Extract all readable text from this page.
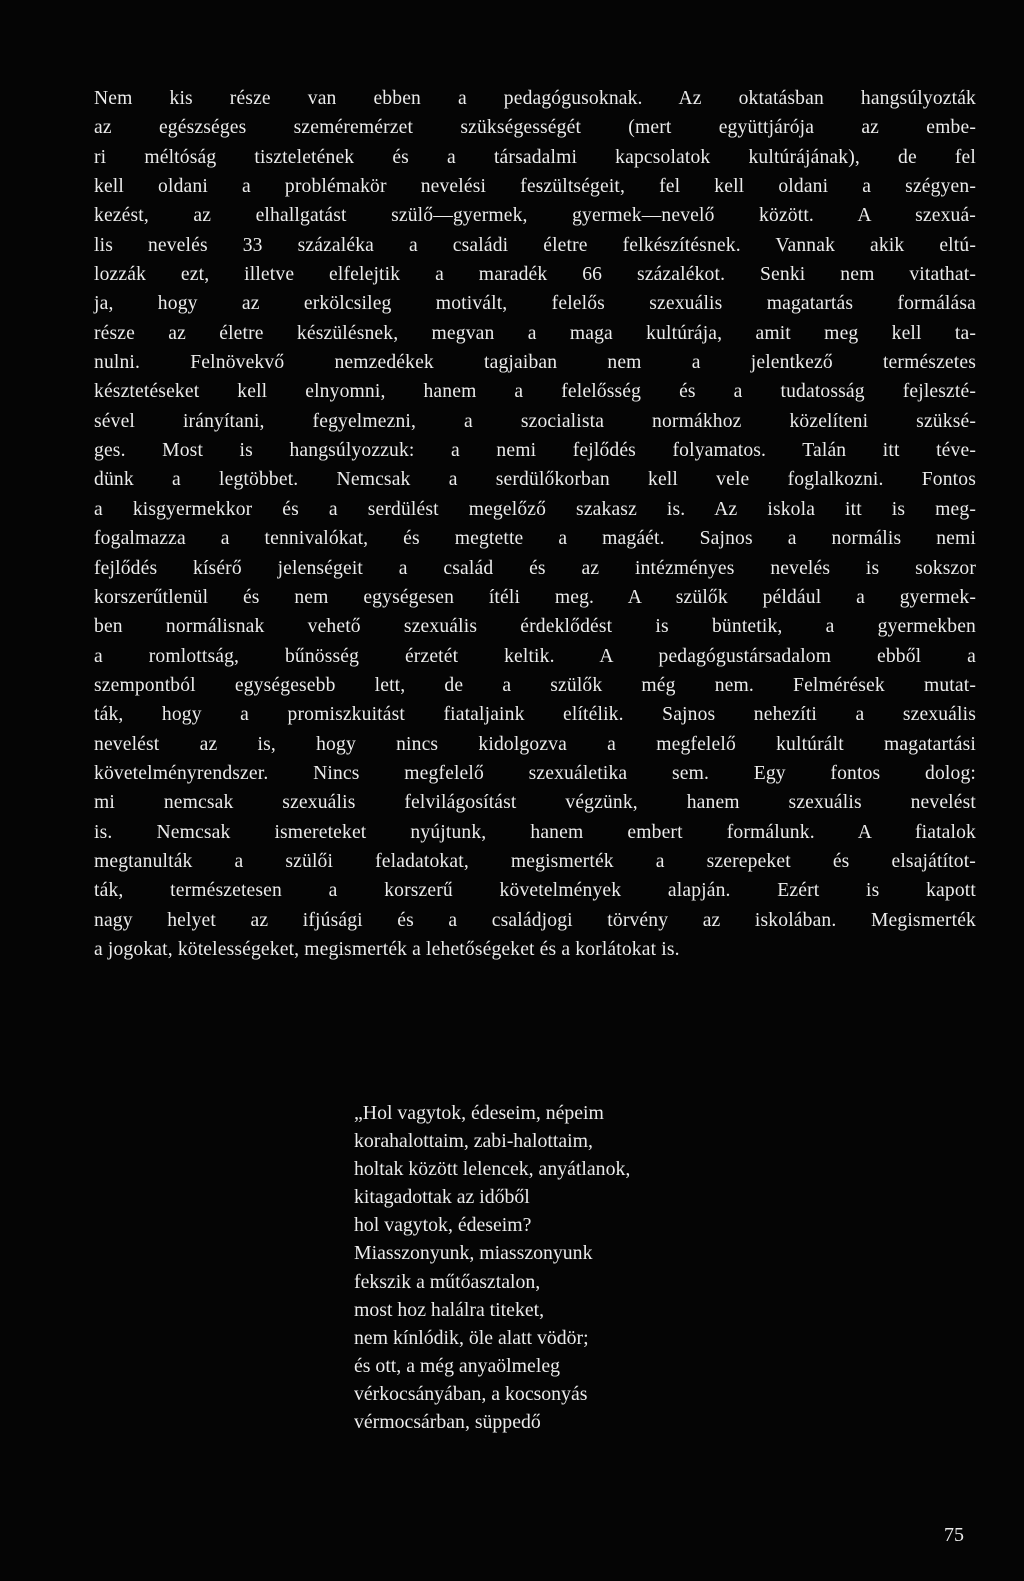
Nem kis része van ebben a pedagógusoknak. Az oktatásban hangsúlyozták
az egészséges szeméremérzet szükségességét (mert együttjárója az embe-
ri méltóság tiszteletének és a társadalmi kapcsolatok kultúrájának), de fel
kell oldani a problémakör nevelési feszültségeit, fel kell oldani a szégyen-
kezést, az elhallgatást szülő—gyermek, gyermek—nevelő között. A szexuá-
lis nevelés 33 százaléka a családi életre felkészítésnek. Vannak akik eltú-
lozzák ezt, illetve elfelejtik a maradék 66 százalékot. Senki nem vitathat-
ja, hogy az erkölcsileg motivált, felelős szexuális magatartás formálása
része az életre készülésnek, megvan a maga kultúrája, amit meg kell ta-
nulni. Felnövekvő nemzedékek tagjaiban nem a jelentkező természetes
késztetéseket kell elnyomni, hanem a felelősség és a tudatosság fejleszté-
sével irányítani, fegyelmezni, a szocialista normákhoz közelíteni szüksé-
ges. Most is hangsúlyozzuk: a nemi fejlődés folyamatos. Talán itt téve-
dünk a legtöbbet. Nemcsak a serdülőkorban kell vele foglalkozni. Fontos
a kisgyermekkor és a serdülést megelőző szakasz is. Az iskola itt is meg-
fogalmazza a tennivalókat, és megtette a magáét. Sajnos a normális nemi
fejlődés kísérő jelenségeit a család és az intézményes nevelés is sokszor
korszerűtlenül és nem egységesen ítéli meg. A szülők például a gyermek-
ben normálisnak vehető szexuális érdeklődést is büntetik, a gyermekben
a romlottság, bűnösség érzetét keltik. A pedagógustársadalom ebből a
szempontból egységesebb lett, de a szülők még nem. Felmérések mutat-
ták, hogy a promiszkuitást fiataljaink elítélik. Sajnos nehezíti a szexuális
nevelést az is, hogy nincs kidolgozva a megfelelő kultúrált magatartási
követelményrendszer. Nincs megfelelő szexuáletika sem. Egy fontos dolog:
mi nemcsak szexuális felvilágosítást végzünk, hanem szexuális nevelést
is. Nemcsak ismereteket nyújtunk, hanem embert formálunk. A fiatalok
megtanulták a szülői feladatokat, megismerték a szerepeket és elsajátítot-
ták, természetesen a korszerű követelmények alapján. Ezért is kapott
nagy helyet az ifjúsági és a családjogi törvény az iskolában. Megismerték
a jogokat, kötelességeket, megismerték a lehetőségeket és a korlátokat is.
„Hol vagytok, édeseim, népeim
korahalottaim, zabi-halottaim,
holtak között lelencek, anyátlanok,
kitagadottak az időből
hol vagytok, édeseim?
Miasszonyunk, miasszonyunk
fekszik a műtőasztalon,
most hoz halálra titeket,
nem kínlódik, öle alatt vödör;
és ott, a még anyaölmeleg
vérkocsányában, a kocsonyás
vérmocsárban, süppedő
75
